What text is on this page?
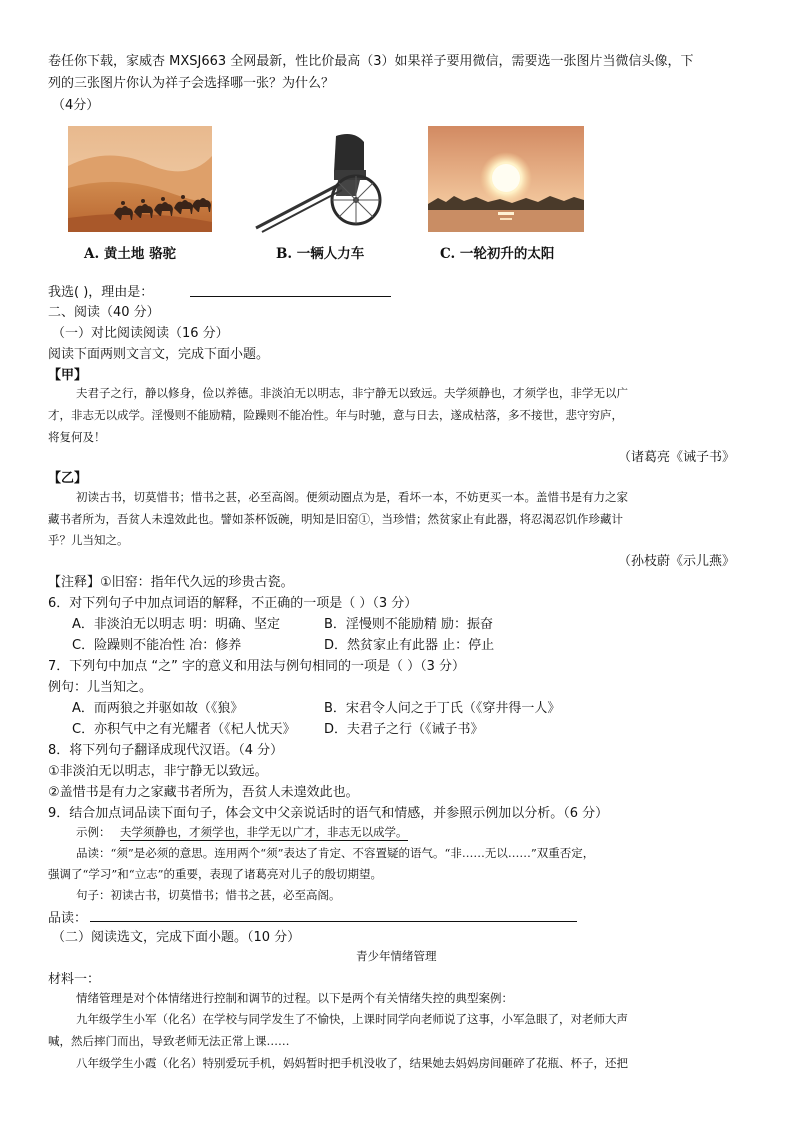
卷任你下载，家威杏 MXSJ663 全网最新，性比价最高（3）如果祥子要用微信，需要选一张图片当微信头像，下
列的三张图片你认为祥子会选择哪一张？为什么？
（4分）
A. 黄土地 骆驼	B. 一辆人力车	C. 一轮初升的太阳
我选( )，理由是：
二、阅读（40 分）
（一）对比阅读阅读（16 分）
阅读下面两则文言文，完成下面小题。
【甲】
夫君子之行，静以修身，俭以养德。非淡泊无以明志，非宁静无以致远。夫学须静也，才须学也，非学无以广
才，非志无以成学。淫慢则不能励精，险躁则不能冶性。年与时驰，意与日去，遂成枯落，多不接世，悲守穷庐，
将复何及！
（诸葛亮《诫子书》
【乙】
初读古书，切莫惜书；惜书之甚，必至高阁。便须动圈点为是，看坏一本，不妨更买一本。盖惜书是有力之家
藏书者所为，吾贫人未遑效此也。譬如茶杯饭碗，明知是旧窑①，当珍惜；然贫家止有此器，将忍渴忍饥作珍藏计
乎？儿当知之。
（孙枝蔚《示儿燕》
【注释】①旧窑：指年代久远的珍贵古瓷。
6．对下列句子中加点词语的解释，不正确的一项是（ ）（3 分）
A．非淡泊无以明志 明：明确、坚定	B．淫慢则不能励精 励：振奋
C．险躁则不能冶性 冶：修养	D．然贫家止有此器 止：停止
7．下列句中加点 “之” 字的意义和用法与例句相同的一项是（ ）（3 分）
例句：儿当知之。
A．而两狼之并驱如故（《狼》	B．宋君令人问之于丁氏（《穿井得一人》
C．亦积气中之有光耀者（《杞人忧天》 D．夫君子之行（《诫子书》
8．将下列句子翻译成现代汉语。（4 分）
①非淡泊无以明志，非宁静无以致远。
②盖惜书是有力之家藏书者所为，吾贫人未遑效此也。
9．结合加点词品读下面句子，体会文中父亲说话时的语气和情感，并参照示例加以分析。（6 分）
示例： 夫学须静也，才须学也，非学无以广才，非志无以成学。
品读：“须”是必须的意思。连用两个“须”表达了肯定、不容置疑的语气。“非……无以……”双重否定，
强调了“学习”和“立志”的重要，表现了诸葛亮对儿子的殷切期望。
句子：初读古书，切莫惜书；惜书之甚，必至高阁。
品读：
（二）阅读选文，完成下面小题。（10 分）
青少年情绪管理
材料一：
情绪管理是对个体情绪进行控制和调节的过程。以下是两个有关情绪失控的典型案例：
九年级学生小军（化名）在学校与同学发生了不愉快，上课时同学向老师说了这事，小军急眼了，对老师大声
喊，然后摔门而出，导致老师无法正常上课……
八年级学生小霞（化名）特别爱玩手机，妈妈暂时把手机没收了，结果她去妈妈房间砸碎了花瓶、杯子，还把
